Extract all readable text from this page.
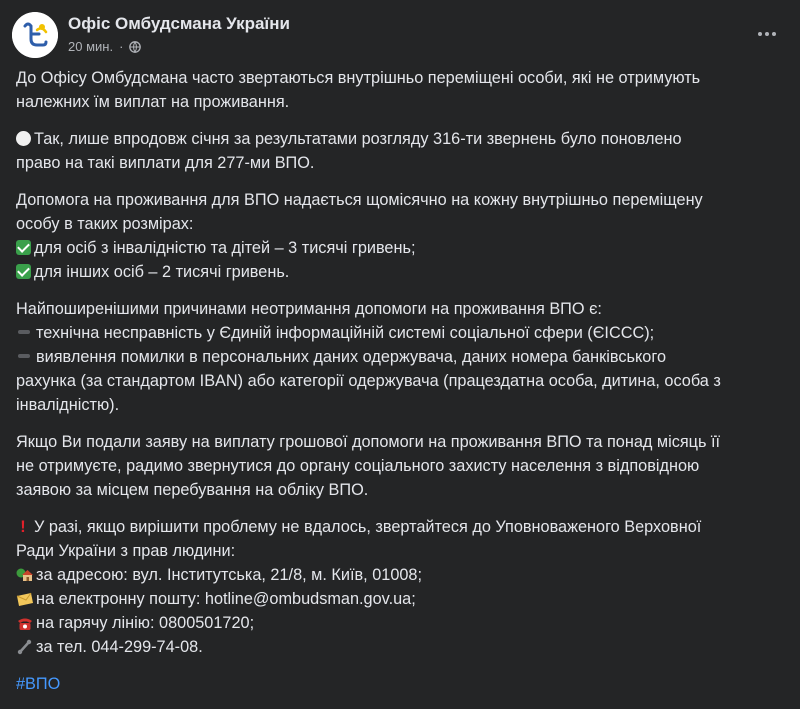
Офіс Омбудсмана України
20 мин. ·
До Офісу Омбудсмана часто звертаються внутрішньо переміщені особи, які не отримують
належних їм виплат на проживання.
Так, лише впродовж січня за результатами розгляду 316-ти звернень було поновлено
право на такі виплати для 277-ми ВПО.
Допомога на проживання для ВПО надається щомісячно на кожну внутрішньо переміщену
особу в таких розмірах:
для осіб з інвалідністю та дітей – 3 тисячі гривень;
для інших осіб – 2 тисячі гривень.
Найпоширенішими причинами неотримання допомоги на проживання ВПО є:
технічна несправність у Єдиній інформаційній системі соціальної сфери (ЄІССС);
виявлення помилки в персональних даних одержувача, даних номера банківського
рахунка (за стандартом IBAN) або категорії одержувача (працездатна особа, дитина, особа з
інвалідністю).
Якщо Ви подали заяву на виплату грошової допомоги на проживання ВПО та понад місяць її
не отримуєте, радимо звернутися до органу соціального захисту населення з відповідною
заявою за місцем перебування на обліку ВПО.
! У разі, якщо вирішити проблему не вдалось, звертайтеся до Уповноваженого Верховної
Ради України з прав людини:
за адресою: вул. Інститутська, 21/8, м. Київ, 01008;
на електронну пошту: hotline@ombudsman.gov.ua;
на гарячу лінію: 0800501720;
за тел. 044-299-74-08.
#ВПО
